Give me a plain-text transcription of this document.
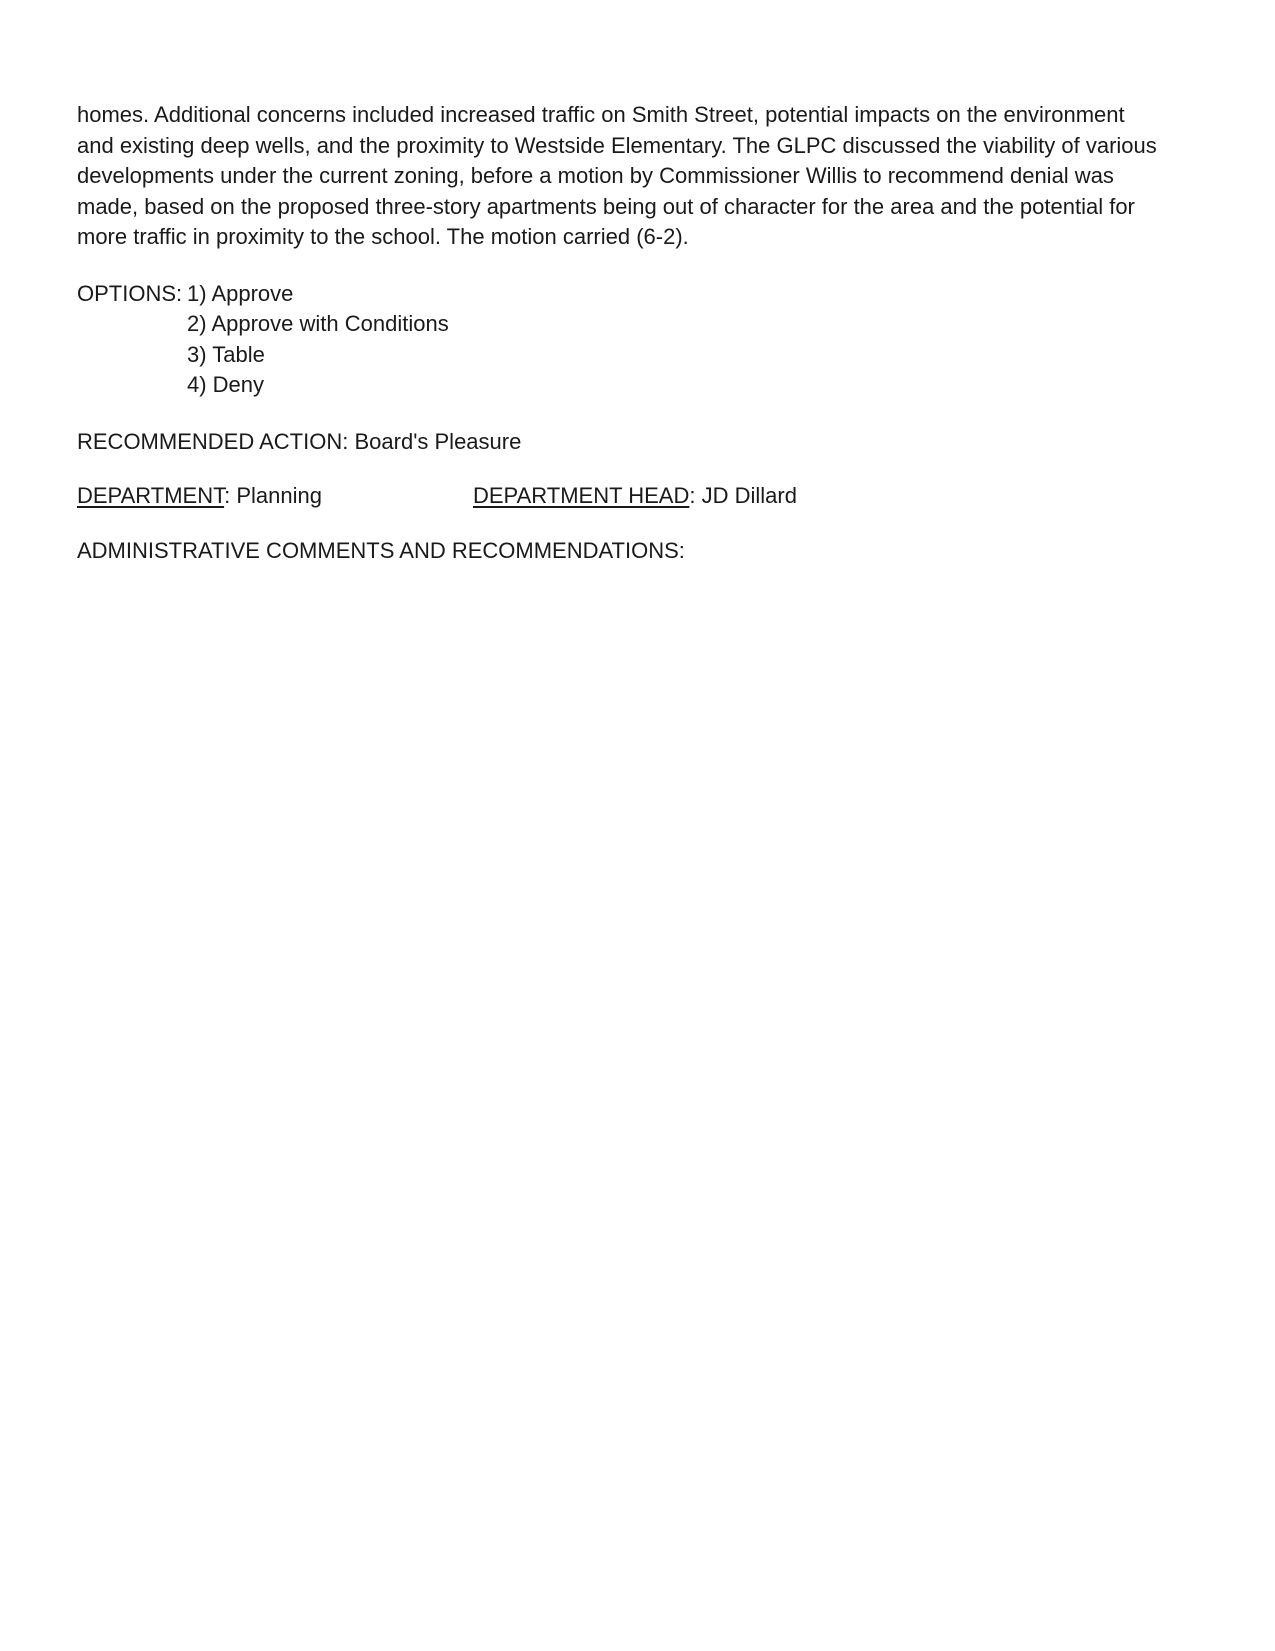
homes. Additional concerns included increased traffic on Smith Street, potential impacts on the environment
and existing deep wells, and the proximity to Westside Elementary. The GLPC discussed the viability of various
developments under the current zoning, before a motion by Commissioner Willis to recommend denial was
made, based on the proposed three-story apartments being out of character for the area and the potential for
more traffic in proximity to the school. The motion carried (6-2).
OPTIONS: 1) Approve
2) Approve with Conditions
3) Table
4) Deny
RECOMMENDED ACTION: Board's Pleasure
DEPARTMENT: Planning	DEPARTMENT HEAD: JD Dillard
ADMINISTRATIVE COMMENTS AND RECOMMENDATIONS:
